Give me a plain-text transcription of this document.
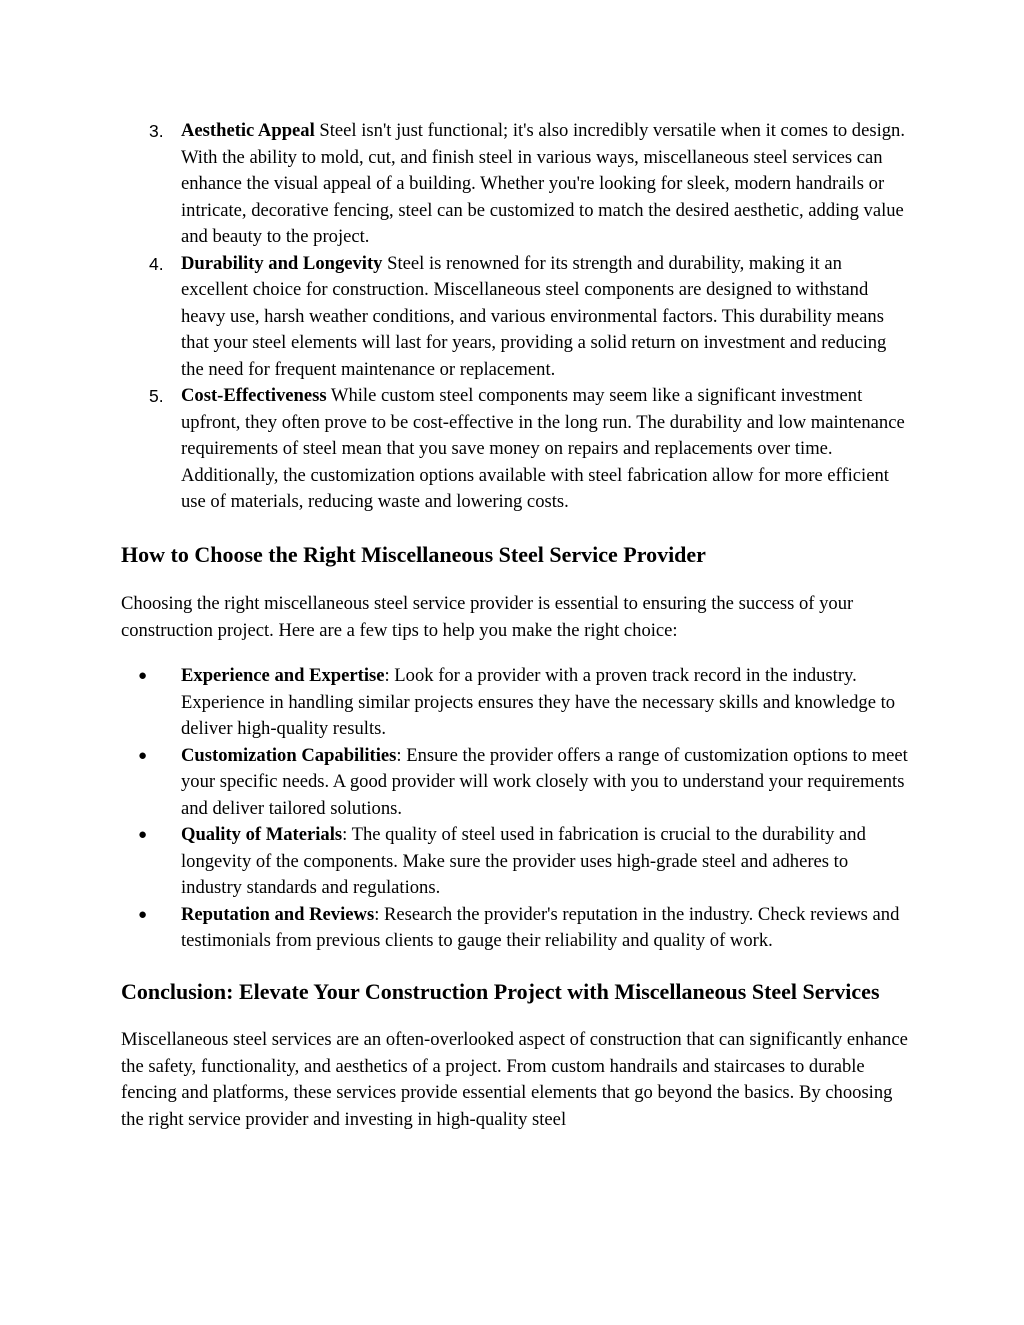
3. Aesthetic Appeal Steel isn't just functional; it's also incredibly versatile when it comes to design. With the ability to mold, cut, and finish steel in various ways, miscellaneous steel services can enhance the visual appeal of a building. Whether you're looking for sleek, modern handrails or intricate, decorative fencing, steel can be customized to match the desired aesthetic, adding value and beauty to the project.
4. Durability and Longevity Steel is renowned for its strength and durability, making it an excellent choice for construction. Miscellaneous steel components are designed to withstand heavy use, harsh weather conditions, and various environmental factors. This durability means that your steel elements will last for years, providing a solid return on investment and reducing the need for frequent maintenance or replacement.
5. Cost-Effectiveness While custom steel components may seem like a significant investment upfront, they often prove to be cost-effective in the long run. The durability and low maintenance requirements of steel mean that you save money on repairs and replacements over time. Additionally, the customization options available with steel fabrication allow for more efficient use of materials, reducing waste and lowering costs.
How to Choose the Right Miscellaneous Steel Service Provider

Choosing the right miscellaneous steel service provider is essential to ensuring the success of your construction project. Here are a few tips to help you make the right choice:

● Experience and Expertise: Look for a provider with a proven track record in the industry. Experience in handling similar projects ensures they have the necessary skills and knowledge to deliver high-quality results.
● Customization Capabilities: Ensure the provider offers a range of customization options to meet your specific needs. A good provider will work closely with you to understand your requirements and deliver tailored solutions.
● Quality of Materials: The quality of steel used in fabrication is crucial to the durability and longevity of the components. Make sure the provider uses high-grade steel and adheres to industry standards and regulations.
● Reputation and Reviews: Research the provider's reputation in the industry. Check reviews and testimonials from previous clients to gauge their reliability and quality of work.
Conclusion: Elevate Your Construction Project with Miscellaneous Steel Services

Miscellaneous steel services are an often-overlooked aspect of construction that can significantly enhance the safety, functionality, and aesthetics of a project. From custom handrails and staircases to durable fencing and platforms, these services provide essential elements that go beyond the basics. By choosing the right service provider and investing in high-quality steel
